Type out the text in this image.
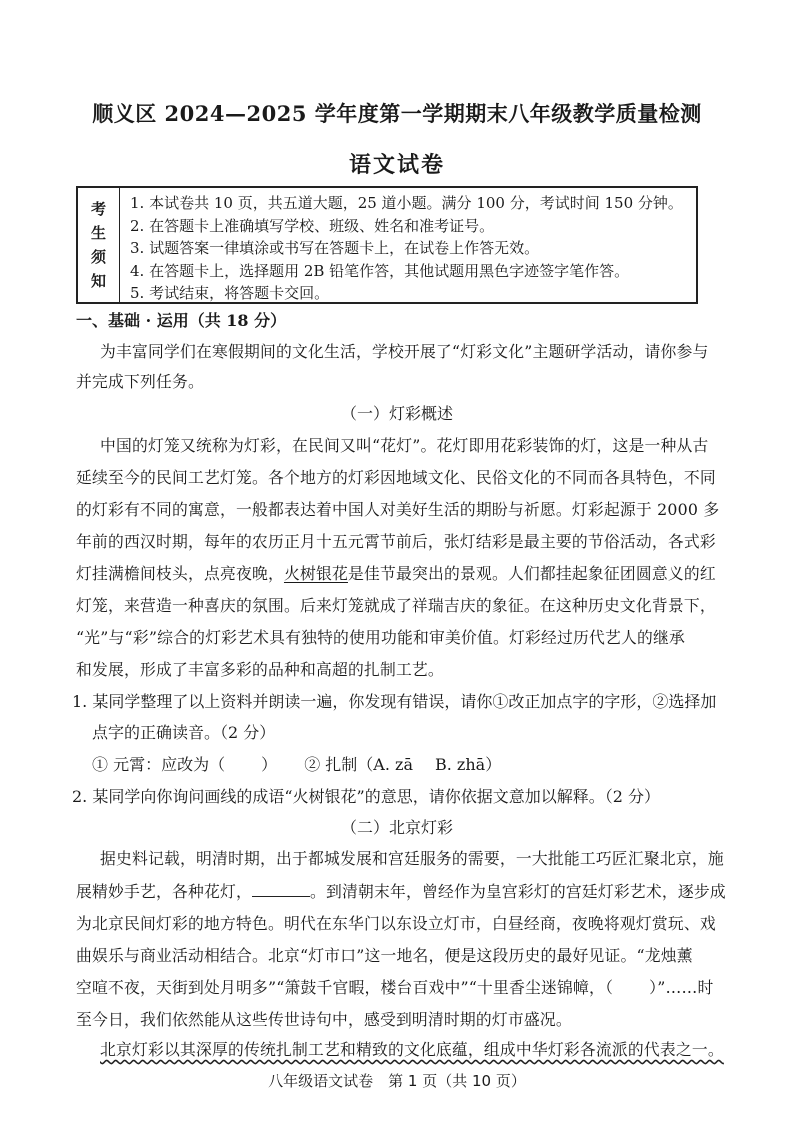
顺义区 2024—2025 学年度第一学期期末八年级教学质量检测
语文试卷
考
生
须
知
1. 本试卷共 10 页，共五道大题，25 道小题。满分 100 分，考试时间 150 分钟。
2. 在答题卡上准确填写学校、班级、姓名和准考证号。
3. 试题答案一律填涂或书写在答题卡上，在试卷上作答无效。
4. 在答题卡上，选择题用 2B 铅笔作答，其他试题用黑色字迹签字笔作答。
5. 考试结束，将答题卡交回。
一、基础 · 运用（共 18 分）
为丰富同学们在寒假期间的文化生活，学校开展了“灯彩文化”主题研学活动，请你参与
并完成下列任务。
（一）灯彩概述
中国的灯笼又统称为灯彩，在民间又叫“花灯”。花灯即用花彩装饰的灯，这是一种从古
延续至今的民间工艺灯笼。各个地方的灯彩因地域文化、民俗文化的不同而各具特色，不同
的灯彩有不同的寓意，一般都表达着中国人对美好生活的期盼与祈愿。灯彩起源于 2000 多
年前的西汉时期，每年的农历正月十五元霄节前后，张灯结彩是最主要的节俗活动，各式彩
灯挂满檐间枝头，点亮夜晚，火树银花是佳节最突出的景观。人们都挂起象征团圆意义的红
灯笼，来营造一种喜庆的氛围。后来灯笼就成了祥瑞吉庆的象征。在这种历史文化背景下，
“光”与“彩”综合的灯彩艺术具有独特的使用功能和审美价值。灯彩经过历代艺人的继承
和发展，形成了丰富多彩的品种和高超的扎制工艺。
1. 某同学整理了以上资料并朗读一遍，你发现有错误，请你①改正加点字的字形，②选择加
点字的正确读音。（2 分）
① 元霄：应改为（ ） ② 扎制（A. zā B. zhā）
2. 某同学向你询问画线的成语“火树银花”的意思，请你依据文意加以解释。（2 分）
（二）北京灯彩
据史料记载，明清时期，出于都城发展和宫廷服务的需要，一大批能工巧匠汇聚北京，施
展精妙手艺，各种花灯，	。到清朝末年，曾经作为皇宫彩灯的宫廷灯彩艺术，逐步成
为北京民间灯彩的地方特色。明代在东华门以东设立灯市，白昼经商，夜晚将观灯赏玩、戏
曲娱乐与商业活动相结合。北京“灯市口”这一地名，便是这段历史的最好见证。“龙烛薰
空喧不夜，天街到处月明多”“箫鼓千官暇，楼台百戏中”“十里香尘迷锦幛，（ ）”……时
至今日，我们依然能从这些传世诗句中，感受到明清时期的灯市盛况。
北京灯彩以其深厚的传统扎制工艺和精致的文化底蕴，组成中华灯彩各流派的代表之一。
八年级语文试卷　第 1 页（共 10 页）
